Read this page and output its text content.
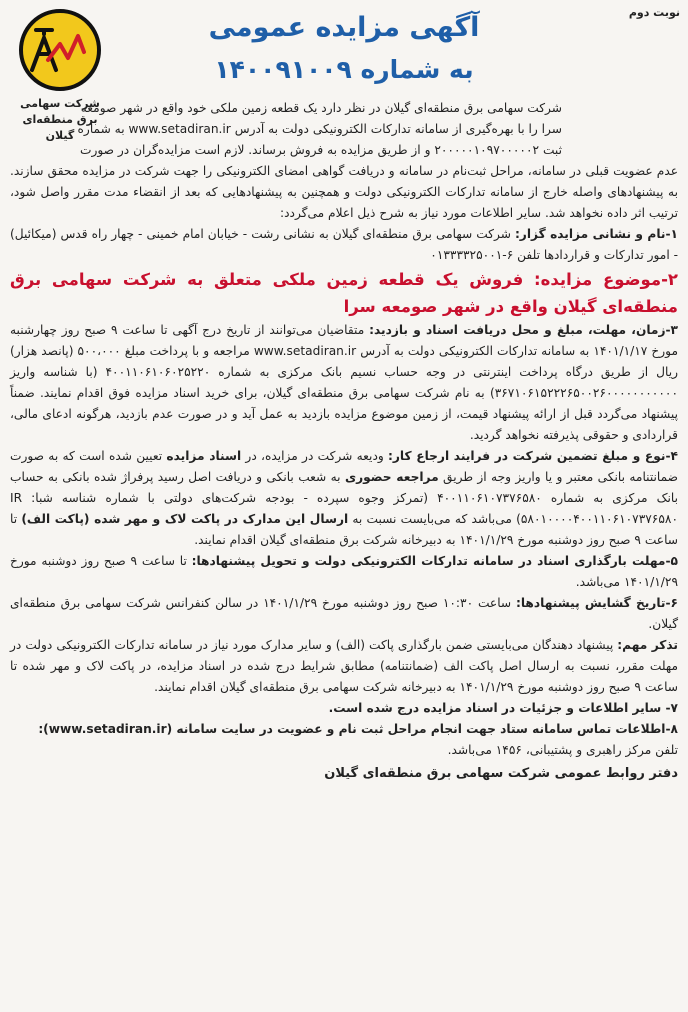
نوبت دوم
شرکت سهامی
برق منطقه‌ای
گیلان
آگهی مزایده عمومی
به شماره ۱۴۰۰۹۱۰۰۹
شرکت سهامی برق منطقه‌ای گیلان در نظر دارد یک قطعه زمین ملکی خود واقع در شهر صومعه
سرا را با بهره‌گیری از سامانه تدارکات الکترونیکی دولت به آدرس www.setadiran.ir به شماره
ثبت ۲۰۰۰۰۰۱۰۹۷۰۰۰۰۰۲ و از طریق مزایده به فروش برساند. لازم است مزایده‌گران در صورت

عدم عضویت قبلی در سامانه، مراحل ثبت‌نام در سامانه و دریافت گواهی امضای الکترونیکی را جهت شرکت در مزایده محقق سازند. به پیشنهادهای واصله خارج از سامانه تدارکات الکترونیکی دولت و همچنین به پیشنهادهایی که بعد از انقضاء مدت مقرر واصل شود، ترتیب اثر داده نخواهد شد. سایر اطلاعات مورد نیاز به شرح ذیل اعلام می‌گردد:

۱-نام و نشانی مزایده گزار: شرکت سهامی برق منطقه‌ای گیلان به نشانی رشت - خیابان امام خمینی - چهار راه قدس (میکائیل) - امور تدارکات و قراردادها تلفن ۶-۰۱۳۳۳۳۲۵۰۰۱

۲-موضوع مزایده: فروش یک قطعه زمین ملکی متعلق به شرکت سهامی برق منطقه‌ای گیلان واقع در شهر صومعه سرا

۳-زمان، مهلت، مبلغ و محل دریافت اسناد و بازدید: متقاضیان می‌توانند از تاریخ درج آگهی تا ساعت ۹ صبح روز چهارشنبه مورخ ۱۴۰۱/۱/۱۷ به سامانه تدارکات الکترونیکی دولت به آدرس www.setadiran.ir مراجعه و با پرداخت مبلغ ۵۰۰،۰۰۰ (پانصد هزار) ریال از طریق درگاه پرداخت اینترنتی در وجه حساب نسیم بانک مرکزی به شماره ۴۰۰۱۱۰۶۱۰۶۰۲۵۲۲۰ (با شناسه واریز ۳۶۷۱۰۶۱۵۲۲۲۶۵۰۰۲۶۰۰۰۰۰۰۰۰۰۰۰) به نام شرکت سهامی برق منطقه‌ای گیلان، برای خرید اسناد مزایده فوق اقدام نمایند. ضمناً پیشنهاد می‌گردد قبل از ارائه پیشنهاد قیمت، از زمین موضوع مزایده بازدید به عمل آید و در صورت عدم بازدید، هرگونه ادعای مالی، قراردادی و حقوقی پذیرفته نخواهد گردید.

۴-نوع و مبلغ تضمین شرکت در فرایند ارجاع کار: ودیعه شرکت در مزایده، در اسناد مزایده تعیین شده است که به صورت ضمانتنامه بانکی معتبر و یا واریز وجه از طریق مراجعه حضوری به شعب بانکی و دریافت اصل رسید پرفراژ شده بانکی به حساب بانک مرکزی به شماره ۴۰۰۱۱۰۶۱۰۷۳۷۶۵۸۰ (تمرکز وجوه سپرده - بودجه شرکت‌های دولتی با شماره شناسه شبا: IR ۵۸۰۱۰۰۰۰۴۰۰۱۱۰۶۱۰۷۳۷۶۵۸۰) می‌باشد که می‌بایست نسبت به ارسال این مدارک در پاکت لاک و مهر شده (پاکت الف) تا ساعت ۹ صبح روز دوشنبه مورخ ۱۴۰۱/۱/۲۹ به دبیرخانه شرکت برق منطقه‌ای گیلان اقدام نمایند.

۵-مهلت بارگذاری اسناد در سامانه تدارکات الکترونیکی دولت و تحویل پیشنهادها: تا ساعت ۹ صبح روز دوشنبه مورخ ۱۴۰۱/۱/۲۹ می‌باشد.

۶-تاریخ گشایش پیشنهادها: ساعت ۱۰:۳۰ صبح روز دوشنبه مورخ ۱۴۰۱/۱/۲۹ در سالن کنفرانس شرکت سهامی برق منطقه‌ای گیلان.

تذکر مهم: پیشنهاد دهندگان می‌بایستی ضمن بارگذاری پاکت (الف) و سایر مدارک مورد نیاز در سامانه تدارکات الکترونیکی دولت در مهلت مقرر، نسبت به ارسال اصل پاکت الف (ضمانتنامه) مطابق شرایط درج شده در اسناد مزایده، در پاکت لاک و مهر شده تا ساعت ۹ صبح روز دوشنبه مورخ ۱۴۰۱/۱/۲۹ به دبیرخانه شرکت سهامی برق منطقه‌ای گیلان اقدام نمایند.

۷- سایر اطلاعات و جزئیات در اسناد مزایده درج شده است.

۸-اطلاعات تماس سامانه ستاد جهت انجام مراحل ثبت نام و عضویت در سایت سامانه (www.setadiran.ir):
تلفن مرکز راهبری و پشتیبانی، ۱۴۵۶ می‌باشد.

دفتر روابط عمومی شرکت سهامی برق منطقه‌ای گیلان
